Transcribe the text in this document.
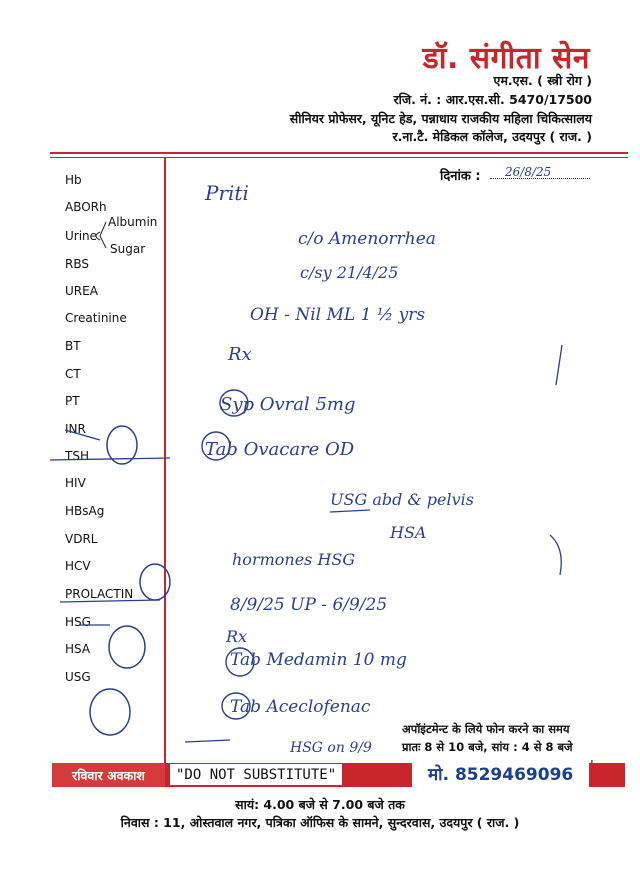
डॉ. संगीता सेन
एम.एस. ( स्त्री रोग )
रजि. नं. : आर.एस.सी. 5470/17500
सीनियर प्रोफेसर, यूनिट हेड, पन्नाधाय राजकीय महिला चिकित्सालय
र.ना.टै. मेडिकल कॉलेज, उदयपुर ( राज. )
दिनांक :
Hb
ABORh
Urine
Albumin
Sugar
RBS
UREA
Creatinine
BT
CT
PT
INR
TSH
HIV
HBsAg
VDRL
HCV
PROLACTIN
HSG
HSA
USG
26/8/25
Priti
c/o Amenorrhea
c/sy 21/4/25
OH - Nil ML 1 ½ yrs
Rx
Syp Ovral 5mg
Tab Ovacare OD
USG abd & pelvis
HSA
hormones HSG
8/9/25 UP - 6/9/25
Rx
Tab Medamin 10 mg
Tab Aceclofenac
HSG on 9/9
अपॉइंटमेन्ट के लिये फोन करने का समय
प्रातः 8 से 10 बजे, सांय : 4 से 8 बजे
रविवार अवकाश	"DO NOT SUBSTITUTE"	मो. 8529469096
सायं: 4.00 बजे से 7.00 बजे तक
निवास : 11, ओस्तवाल नगर, पत्रिका ऑफिस के सामने, सुन्दरवास, उदयपुर ( राज. )
